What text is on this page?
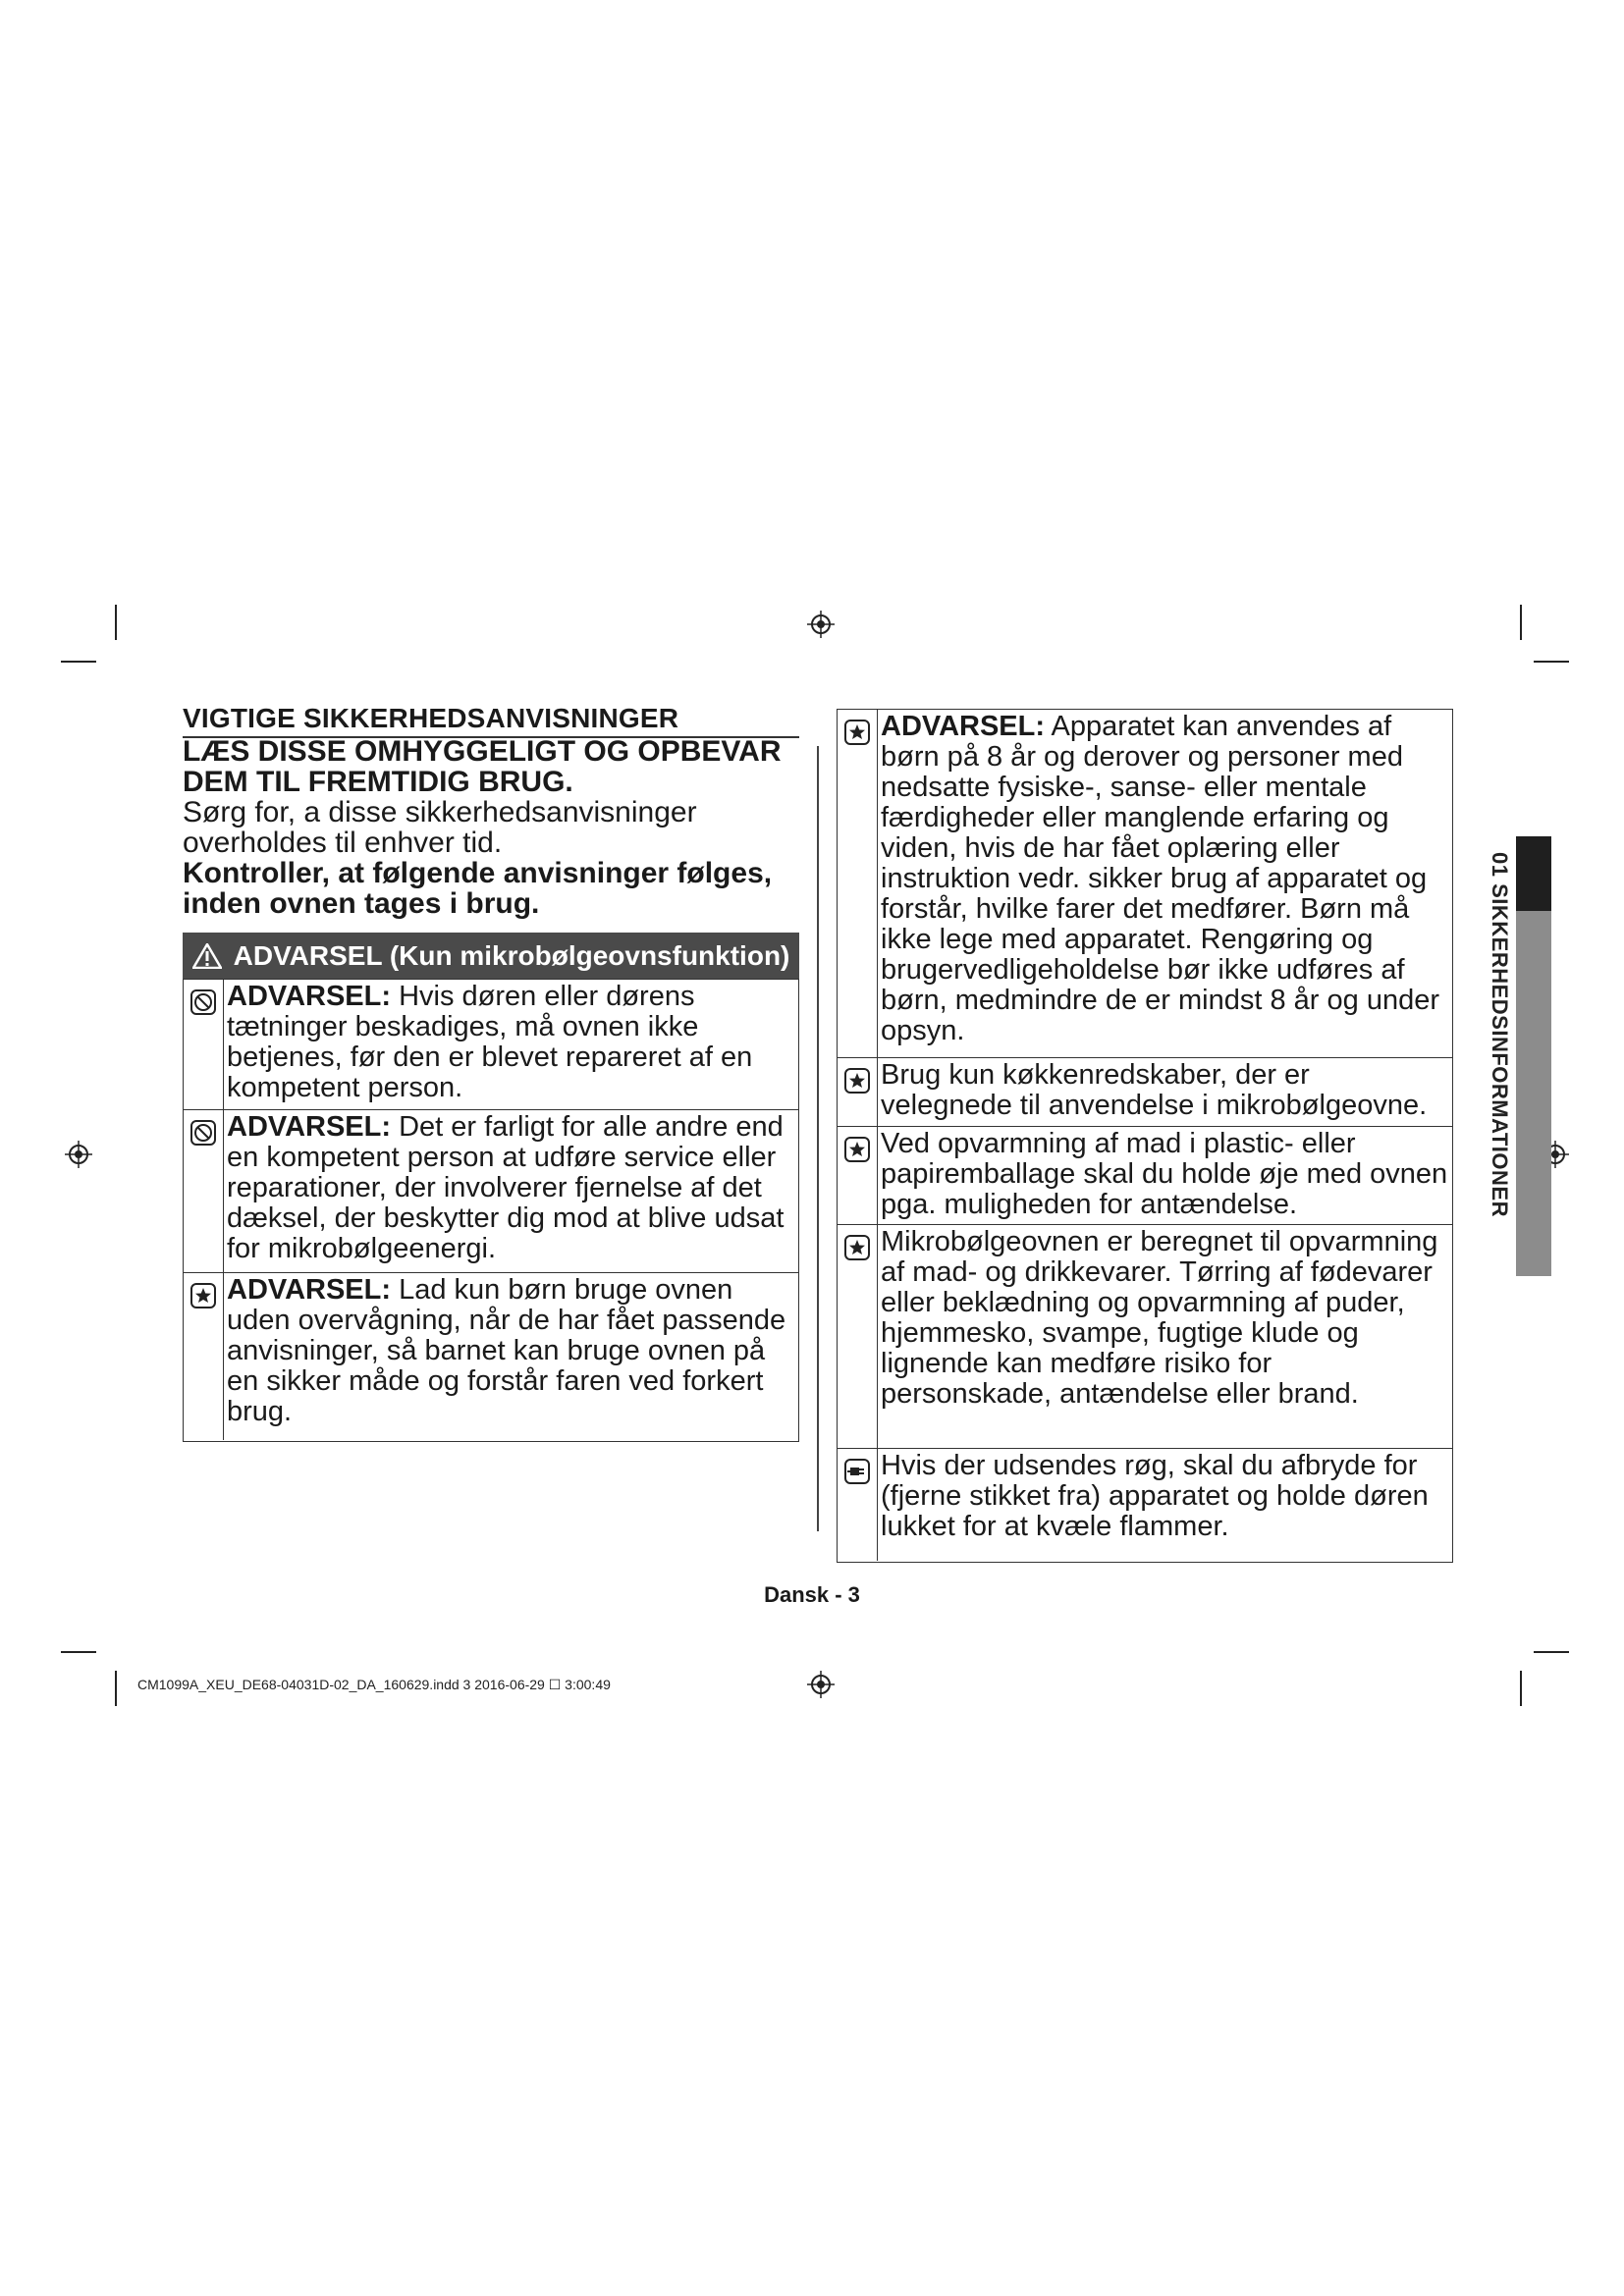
VIGTIGE SIKKERHEDSANVISNINGER
LÆS DISSE OMHYGGELIGT OG OPBEVAR DEM TIL FREMTIDIG BRUG.
Sørg for, a disse sikkerhedsanvisninger overholdes til enhver tid.
Kontroller, at følgende anvisninger følges, inden ovnen tages i brug.
ADVARSEL (Kun mikrobølgeovnsfunktion)
ADVARSEL: Hvis døren eller dørens tætninger beskadiges, må ovnen ikke betjenes, før den er blevet repareret af en kompetent person.
ADVARSEL: Det er farligt for alle andre end en kompetent person at udføre service eller reparationer, der involverer fjernelse af det dæksel, der beskytter dig mod at blive udsat for mikrobølgeenergi.
ADVARSEL: Lad kun børn bruge ovnen uden overvågning, når de har fået passende anvisninger, så barnet kan bruge ovnen på en sikker måde og forstår faren ved forkert brug.
ADVARSEL: Apparatet kan anvendes af børn på 8 år og derover og personer med nedsatte fysiske-, sanse- eller mentale færdigheder eller manglende erfaring og viden, hvis de har fået oplæring eller instruktion vedr. sikker brug af apparatet og forstår, hvilke farer det medfører. Børn må ikke lege med apparatet. Rengøring og brugervedligeholdelse bør ikke udføres af børn, medmindre de er mindst 8 år og under opsyn.
Brug kun køkkenredskaber, der er velegnede til anvendelse i mikrobølgeovne.
Ved opvarmning af mad i plastic- eller papiremballage skal du holde øje med ovnen pga. muligheden for antændelse.
Mikrobølgeovnen er beregnet til opvarmning af mad- og drikkevarer. Tørring af fødevarer eller beklædning og opvarmning af puder, hjemmesko, svampe, fugtige klude og lignende kan medføre risiko for personskade, antændelse eller brand.
Hvis der udsendes røg, skal du afbryde for (fjerne stikket fra) apparatet og holde døren lukket for at kvæle flammer.
01 SIKKERHEDSINFORMATIONER
Dansk - 3
CM1099A_XEU_DE68-04031D-02_DA_160629.indd 3 2016-06-29 ☐ 3:00:49
